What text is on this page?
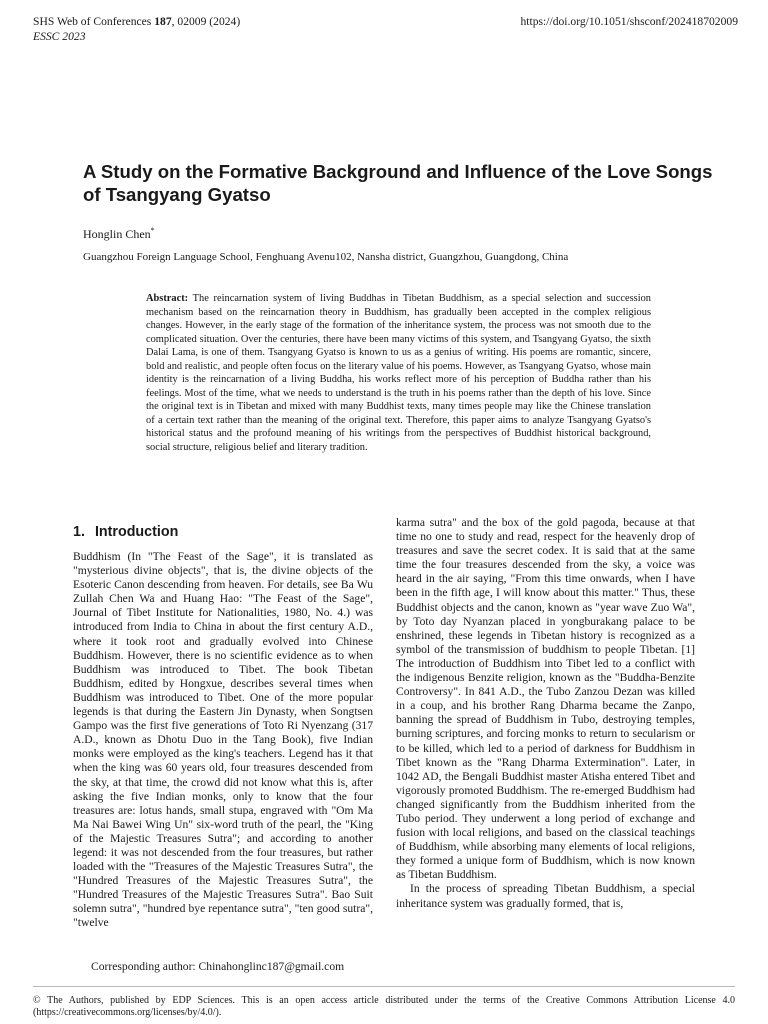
SHS Web of Conferences 187, 02009 (2024)
ESSC 2023
https://doi.org/10.1051/shsconf/202418702009
A Study on the Formative Background and Influence of the Love Songs of Tsangyang Gyatso
Honglin Chen*
Guangzhou Foreign Language School, Fenghuang Avenu102, Nansha district, Guangzhou, Guangdong, China
Abstract: The reincarnation system of living Buddhas in Tibetan Buddhism, as a special selection and succession mechanism based on the reincarnation theory in Buddhism, has gradually been accepted in the complex religious changes. However, in the early stage of the formation of the inheritance system, the process was not smooth due to the complicated situation. Over the centuries, there have been many victims of this system, and Tsangyang Gyatso, the sixth Dalai Lama, is one of them. Tsangyang Gyatso is known to us as a genius of writing. His poems are romantic, sincere, bold and realistic, and people often focus on the literary value of his poems. However, as Tsangyang Gyatso, whose main identity is the reincarnation of a living Buddha, his works reflect more of his perception of Buddha rather than his feelings. Most of the time, what we needs to understand is the truth in his poems rather than the depth of his love. Since the original text is in Tibetan and mixed with many Buddhist texts, many times people may like the Chinese translation of a certain text rather than the meaning of the original text. Therefore, this paper aims to analyze Tsangyang Gyatso's historical status and the profound meaning of his writings from the perspectives of Buddhist historical background, social structure, religious belief and literary tradition.
1. Introduction

Buddhism (In "The Feast of the Sage", it is translated as "mysterious divine objects", that is, the divine objects of the Esoteric Canon descending from heaven. For details, see Ba Wu Zullah Chen Wa and Huang Hao: "The Feast of the Sage", Journal of Tibet Institute for Nationalities, 1980, No. 4.) was introduced from India to China in about the first century A.D., where it took root and gradually evolved into Chinese Buddhism. However, there is no scientific evidence as to when Buddhism was introduced to Tibet. The book Tibetan Buddhism, edited by Hongxue, describes several times when Buddhism was introduced to Tibet. One of the more popular legends is that during the Eastern Jin Dynasty, when Songtsen Gampo was the first five generations of Toto Ri Nyenzang (317 A.D., known as Dhotu Duo in the Tang Book), five Indian monks were employed as the king's teachers. Legend has it that when the king was 60 years old, four treasures descended from the sky, at that time, the crowd did not know what this is, after asking the five Indian monks, only to know that the four treasures are: lotus hands, small stupa, engraved with "Om Ma Ma Nai Bawei Wing Un" six-word truth of the pearl, the "King of the Majestic Treasures Sutra"; and according to another legend: it was not descended from the four treasures, but rather loaded with the "Treasures of the Majestic Treasures Sutra", the "Hundred Treasures of the Majestic Treasures Sutra", the "Hundred Treasures of the Majestic Treasures Sutra". Bao Suit solemn sutra", "hundred bye repentance sutra", "ten good sutra", "twelve

karma sutra" and the box of the gold pagoda, because at that time no one to study and read, respect for the heavenly drop of treasures and save the secret codex. It is said that at the same time the four treasures descended from the sky, a voice was heard in the air saying, "From this time onwards, when I have been in the fifth age, I will know about this matter." Thus, these Buddhist objects and the canon, known as "year wave Zuo Wa", by Toto day Nyanzan placed in yongburakang palace to be enshrined, these legends in Tibetan history is recognized as a symbol of the transmission of buddhism to people Tibetan. [1] The introduction of Buddhism into Tibet led to a conflict with the indigenous Benzite religion, known as the "Buddha-Benzite Controversy". In 841 A.D., the Tubo Zanzou Dezan was killed in a coup, and his brother Rang Dharma became the Zanpo, banning the spread of Buddhism in Tubo, destroying temples, burning scriptures, and forcing monks to return to secularism or to be killed, which led to a period of darkness for Buddhism in Tibet known as the "Rang Dharma Extermination". Later, in 1042 AD, the Bengali Buddhist master Atisha entered Tibet and vigorously promoted Buddhism. The re-emerged Buddhism had changed significantly from the Buddhism inherited from the Tubo period. They underwent a long period of exchange and fusion with local religions, and based on the classical teachings of Buddhism, while absorbing many elements of local religions, they formed a unique form of Buddhism, which is now known as Tibetan Buddhism.

In the process of spreading Tibetan Buddhism, a special inheritance system was gradually formed, that is,

Corresponding author: Chinahonglinc187@gmail.com
© The Authors, published by EDP Sciences. This is an open access article distributed under the terms of the Creative Commons Attribution License 4.0 (https://creativecommons.org/licenses/by/4.0/).
